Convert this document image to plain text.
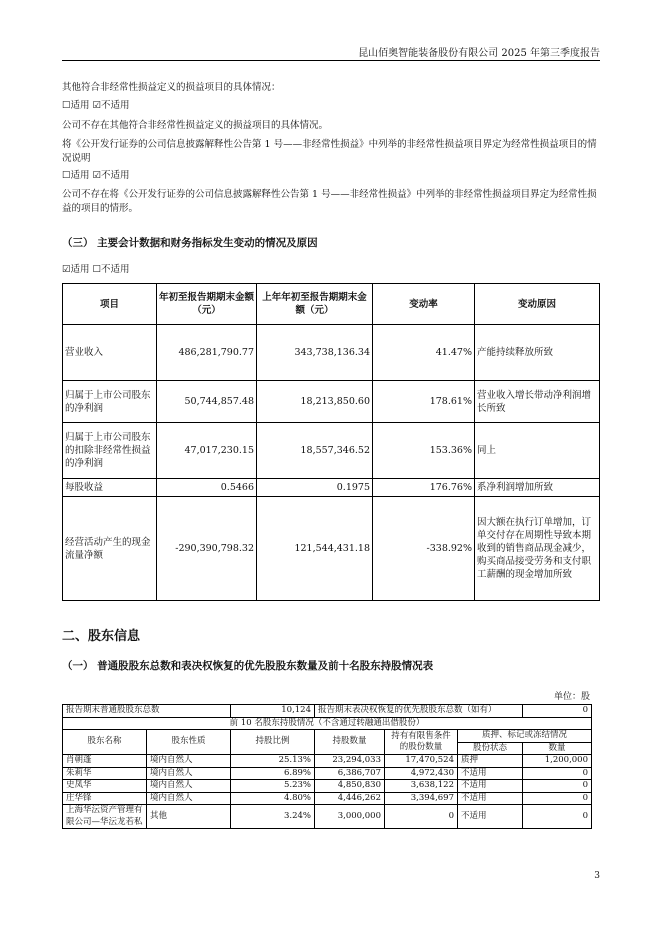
昆山佰奥智能装备股份有限公司 2025 年第三季度报告
其他符合非经常性损益定义的损益项目的具体情况：
☐适用 ☑不适用
公司不存在其他符合非经常性损益定义的损益项目的具体情况。
将《公开发行证券的公司信息披露解释性公告第 1 号——非经常性损益》中列举的非经常性损益项目界定为经常性损益项目的情况说明
☐适用 ☑不适用
公司不存在将《公开发行证券的公司信息披露解释性公告第 1 号——非经常性损益》中列举的非经常性损益项目界定为经常性损益的项目的情形。
（三） 主要会计数据和财务指标发生变动的情况及原因
☑适用 ☐不适用
项目	年初至报告期期末金额（元）	上年年初至报告期期末金额（元）	变动率	变动原因
营业收入	486,281,790.77	343,738,136.34	41.47%	产能持续释放所致
归属于上市公司股东的净利润	50,744,857.48	18,213,850.60	178.61%	营业收入增长带动净利润增长所致
归属于上市公司股东的扣除非经常性损益的净利润	47,017,230.15	18,557,346.52	153.36%	同上
每股收益	0.5466	0.1975	176.76%	系净利润增加所致
经营活动产生的现金流量净额	-290,390,798.32	121,544,431.18	-338.92%	因大额在执行订单增加，订单交付存在周期性导致本期收到的销售商品现金减少，购买商品接受劳务和支付职工薪酬的现金增加所致
二、股东信息
（一） 普通股股东总数和表决权恢复的优先股股东数量及前十名股东持股情况表
单位：股
报告期末普通股股东总数		10,124	报告期末表决权恢复的优先股股东总数（如有）			0
前 10 名股东持股情况（不含通过转融通出借股份）						
股东名称	股东性质	持股比例	持股数量	持有有限售条件的股份数量	质押、标记或冻结情况	
					股份状态	数量
肖朝蓬	境内自然人	25.13%	23,294,033	17,470,524	质押	1,200,000
朱莉华	境内自然人	6.89%	6,386,707	4,972,430	不适用	0
史凤华	境内自然人	5.23%	4,850,830	3,638,122	不适用	0
庄华锋	境内自然人	4.80%	4,446,262	3,394,697	不适用	0
上海华沄资产管理有限公司—华沄龙若私	其他	3.24%	3,000,000	0	不适用	0
3
